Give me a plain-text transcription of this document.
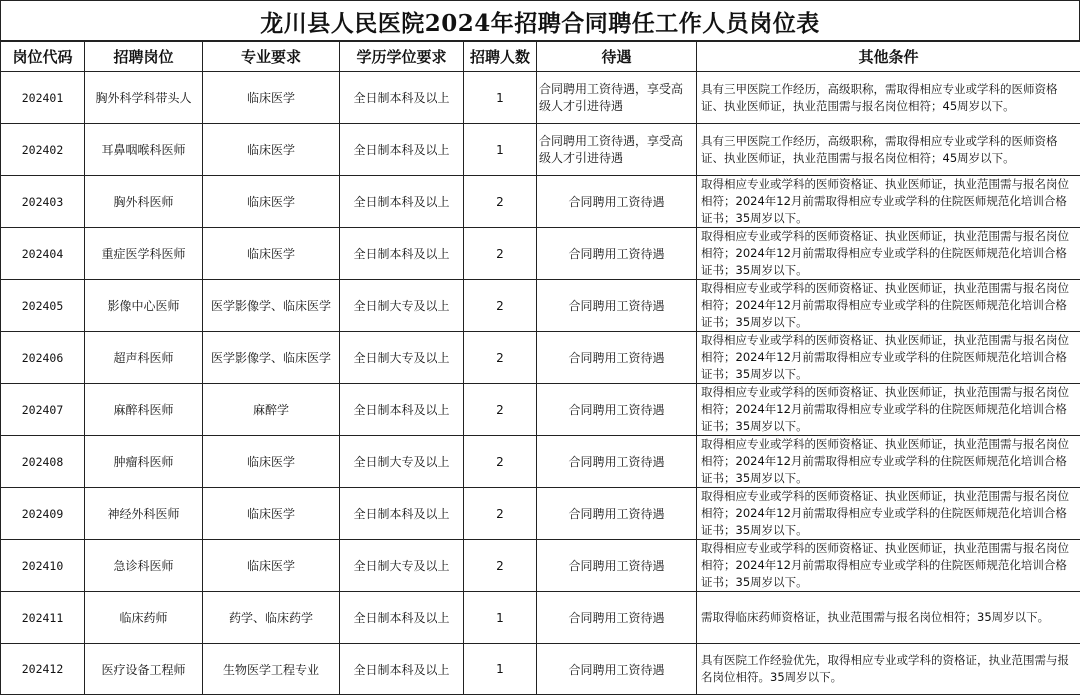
龙川县人民医院2024年招聘合同聘任工作人员岗位表
岗位代码	招聘岗位	专业要求	学历学位要求	招聘人数	待遇	其他条件
202401	胸外科学科带头人	临床医学	全日制本科及以上	1	合同聘用工资待遇，享受高级人才引进待遇	具有三甲医院工作经历，高级职称，需取得相应专业或学科的医师资格证、执业医师证，执业范围需与报名岗位相符；45周岁以下。
202402	耳鼻咽喉科医师	临床医学	全日制本科及以上	1	合同聘用工资待遇，享受高级人才引进待遇	具有三甲医院工作经历，高级职称，需取得相应专业或学科的医师资格证、执业医师证，执业范围需与报名岗位相符；45周岁以下。
202403	胸外科医师	临床医学	全日制本科及以上	2	合同聘用工资待遇	取得相应专业或学科的医师资格证、执业医师证，执业范围需与报名岗位相符；2024年12月前需取得相应专业或学科的住院医师规范化培训合格证书；35周岁以下。
202404	重症医学科医师	临床医学	全日制本科及以上	2	合同聘用工资待遇	取得相应专业或学科的医师资格证、执业医师证，执业范围需与报名岗位相符；2024年12月前需取得相应专业或学科的住院医师规范化培训合格证书；35周岁以下。
202405	影像中心医师	医学影像学、临床医学	全日制大专及以上	2	合同聘用工资待遇	取得相应专业或学科的医师资格证、执业医师证，执业范围需与报名岗位相符；2024年12月前需取得相应专业或学科的住院医师规范化培训合格证书；35周岁以下。
202406	超声科医师	医学影像学、临床医学	全日制大专及以上	2	合同聘用工资待遇	取得相应专业或学科的医师资格证、执业医师证，执业范围需与报名岗位相符；2024年12月前需取得相应专业或学科的住院医师规范化培训合格证书；35周岁以下。
202407	麻醉科医师	麻醉学	全日制本科及以上	2	合同聘用工资待遇	取得相应专业或学科的医师资格证、执业医师证，执业范围需与报名岗位相符；2024年12月前需取得相应专业或学科的住院医师规范化培训合格证书；35周岁以下。
202408	肿瘤科医师	临床医学	全日制大专及以上	2	合同聘用工资待遇	取得相应专业或学科的医师资格证、执业医师证，执业范围需与报名岗位相符；2024年12月前需取得相应专业或学科的住院医师规范化培训合格证书；35周岁以下。
202409	神经外科医师	临床医学	全日制本科及以上	2	合同聘用工资待遇	取得相应专业或学科的医师资格证、执业医师证，执业范围需与报名岗位相符；2024年12月前需取得相应专业或学科的住院医师规范化培训合格证书；35周岁以下。
202410	急诊科医师	临床医学	全日制大专及以上	2	合同聘用工资待遇	取得相应专业或学科的医师资格证、执业医师证，执业范围需与报名岗位相符；2024年12月前需取得相应专业或学科的住院医师规范化培训合格证书；35周岁以下。
202411	临床药师	药学、临床药学	全日制本科及以上	1	合同聘用工资待遇	需取得临床药师资格证，执业范围需与报名岗位相符；35周岁以下。
202412	医疗设备工程师	生物医学工程专业	全日制本科及以上	1	合同聘用工资待遇	具有医院工作经验优先，取得相应专业或学科的资格证，执业范围需与报名岗位相符。35周岁以下。
